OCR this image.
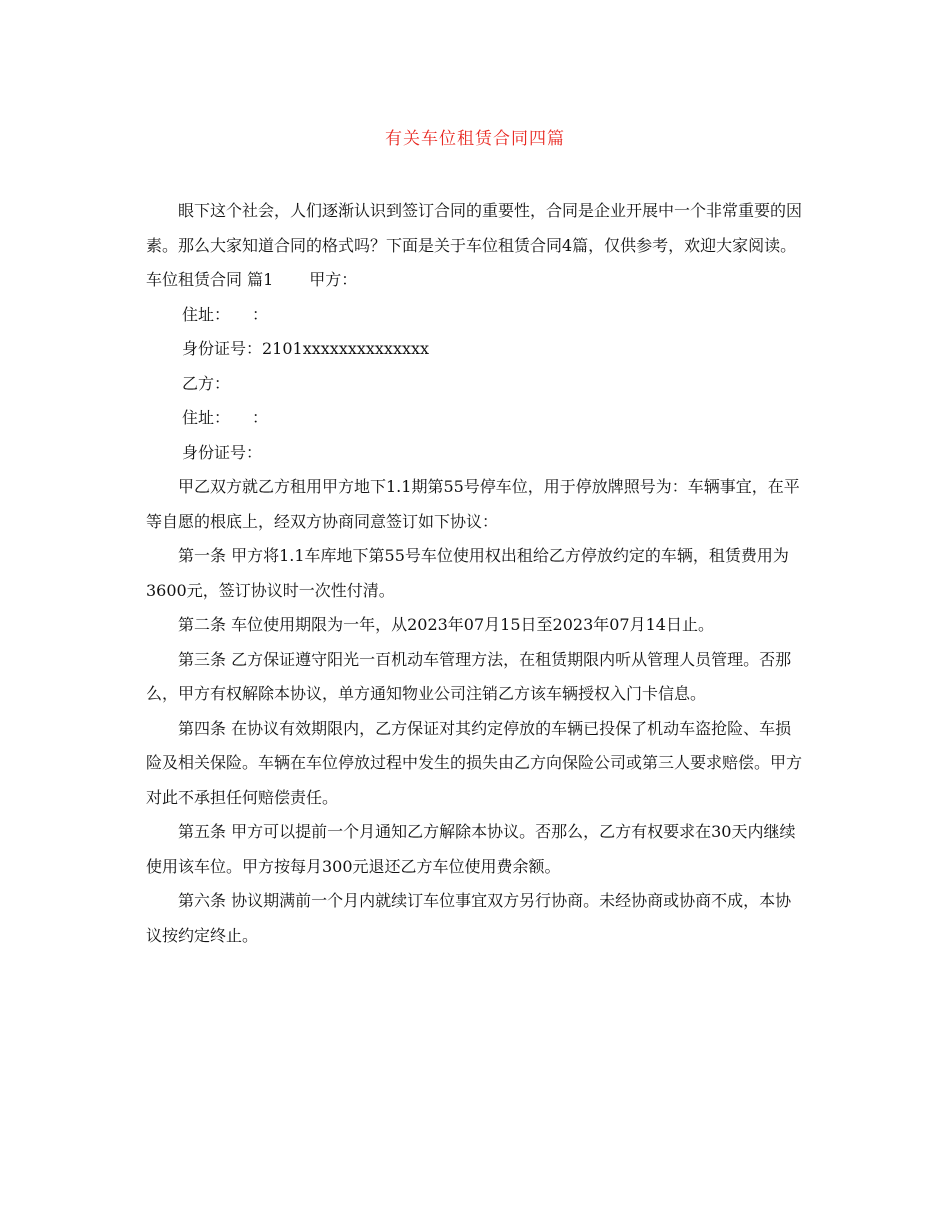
有关车位租赁合同四篇

眼下这个社会，人们逐渐认识到签订合同的重要性，合同是企业开展中一个非常重要的因素。那么大家知道合同的格式吗？下面是关于车位租赁合同4篇，仅供参考，欢迎大家阅读。

车位租赁合同 篇1 甲方：

住址： ：

身份证号：2101xxxxxxxxxxxxxx

乙方：

住址： ：

身份证号：

甲乙双方就乙方租用甲方地下1.1期第55号停车位，用于停放牌照号为：车辆事宜，在平等自愿的根底上，经双方协商同意签订如下协议：

第一条 甲方将1.1车库地下第55号车位使用权出租给乙方停放约定的车辆，租赁费用为3600元，签订协议时一次性付清。

第二条 车位使用期限为一年，从2023年07月15日至2023年07月14日止。

第三条 乙方保证遵守阳光一百机动车管理方法，在租赁期限内听从管理人员管理。否那么，甲方有权解除本协议，单方通知物业公司注销乙方该车辆授权入门卡信息。

第四条 在协议有效期限内，乙方保证对其约定停放的车辆已投保了机动车盗抢险、车损险及相关保险。车辆在车位停放过程中发生的损失由乙方向保险公司或第三人要求赔偿。甲方对此不承担任何赔偿责任。

第五条 甲方可以提前一个月通知乙方解除本协议。否那么，乙方有权要求在30天内继续使用该车位。甲方按每月300元退还乙方车位使用费余额。

第六条 协议期满前一个月内就续订车位事宜双方另行协商。未经协商或协商不成，本协议按约定终止。
